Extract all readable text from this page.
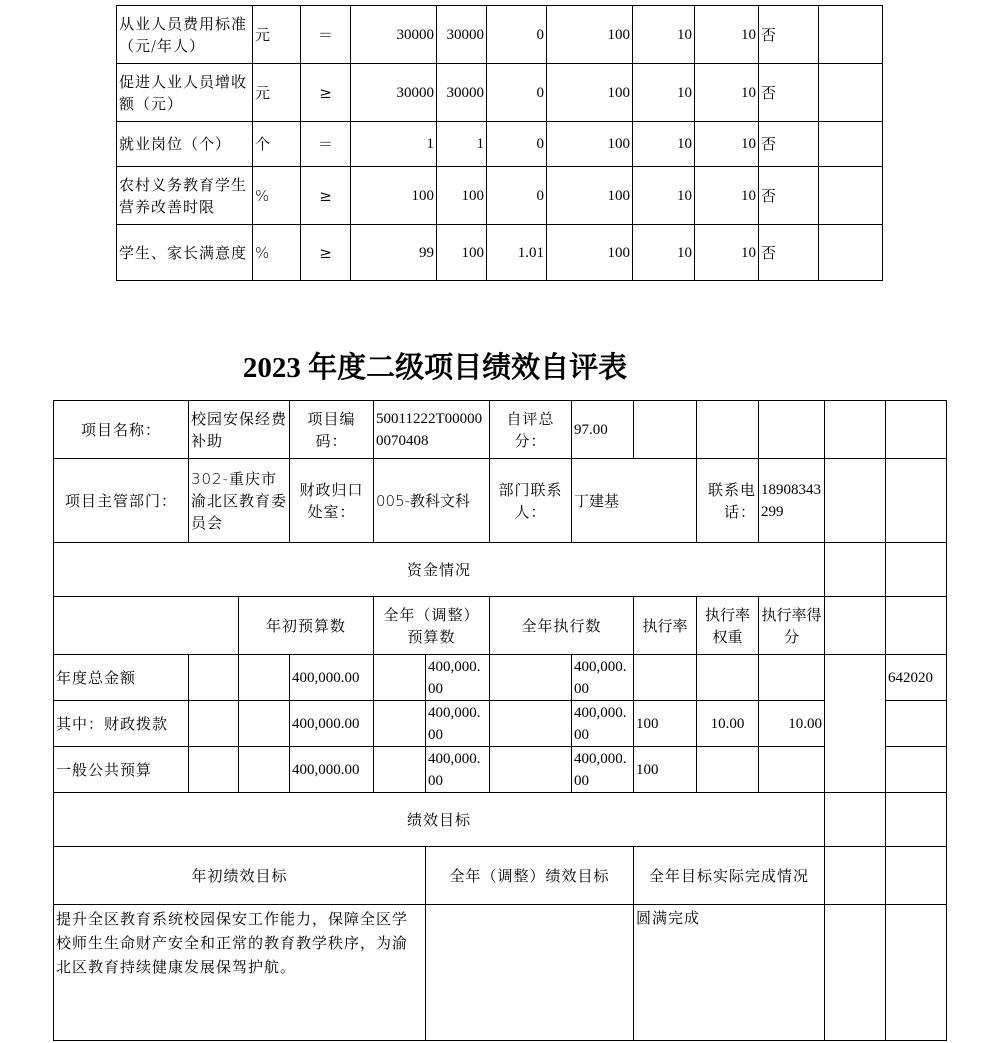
从业人员费用标准（元/年人）	元	＝	30000	30000	0	100	10	10	否	
促进人业人员增收额（元）	元	≥	30000	30000	0	100	10	10	否	
就业岗位（个）	个	＝	1	1	0	100	10	10	否	
农村义务教育学生营养改善时限	%	≥	100	100	0	100	10	10	否	
学生、家长满意度	%	≥	99	100	1.01	100	10	10	否	
2023 年度二级项目绩效自评表
项目名称：	校园安保经费补助		项目编码：	50011222T000000070408		自评总分：	97.00					
项目主管部门：	302-重庆市渝北区教育委员会		财政归口处室：	005-教科文科		部门联系人：	丁建基		联系电话：	18908343299		
资金情况												
		年初预算数		全年（调整）预算数		全年执行数		执行率	执行率权重	执行率得分		
年度总金额			400,000.00		400,000.00		400,000.00					642020
其中：财政拨款			400,000.00		400,000.00		400,000.00	100	10.00	10.00		
一般公共预算			400,000.00		400,000.00		400,000.00	100				
绩效目标												
年初绩效目标					全年（调整）绩效目标			全年目标实际完成情况				
提升全区教育系统校园保安工作能力，保障全区学校师生生命财产安全和正常的教育教学秩序，为渝北区教育持续健康发展保驾护航。								圆满完成				
